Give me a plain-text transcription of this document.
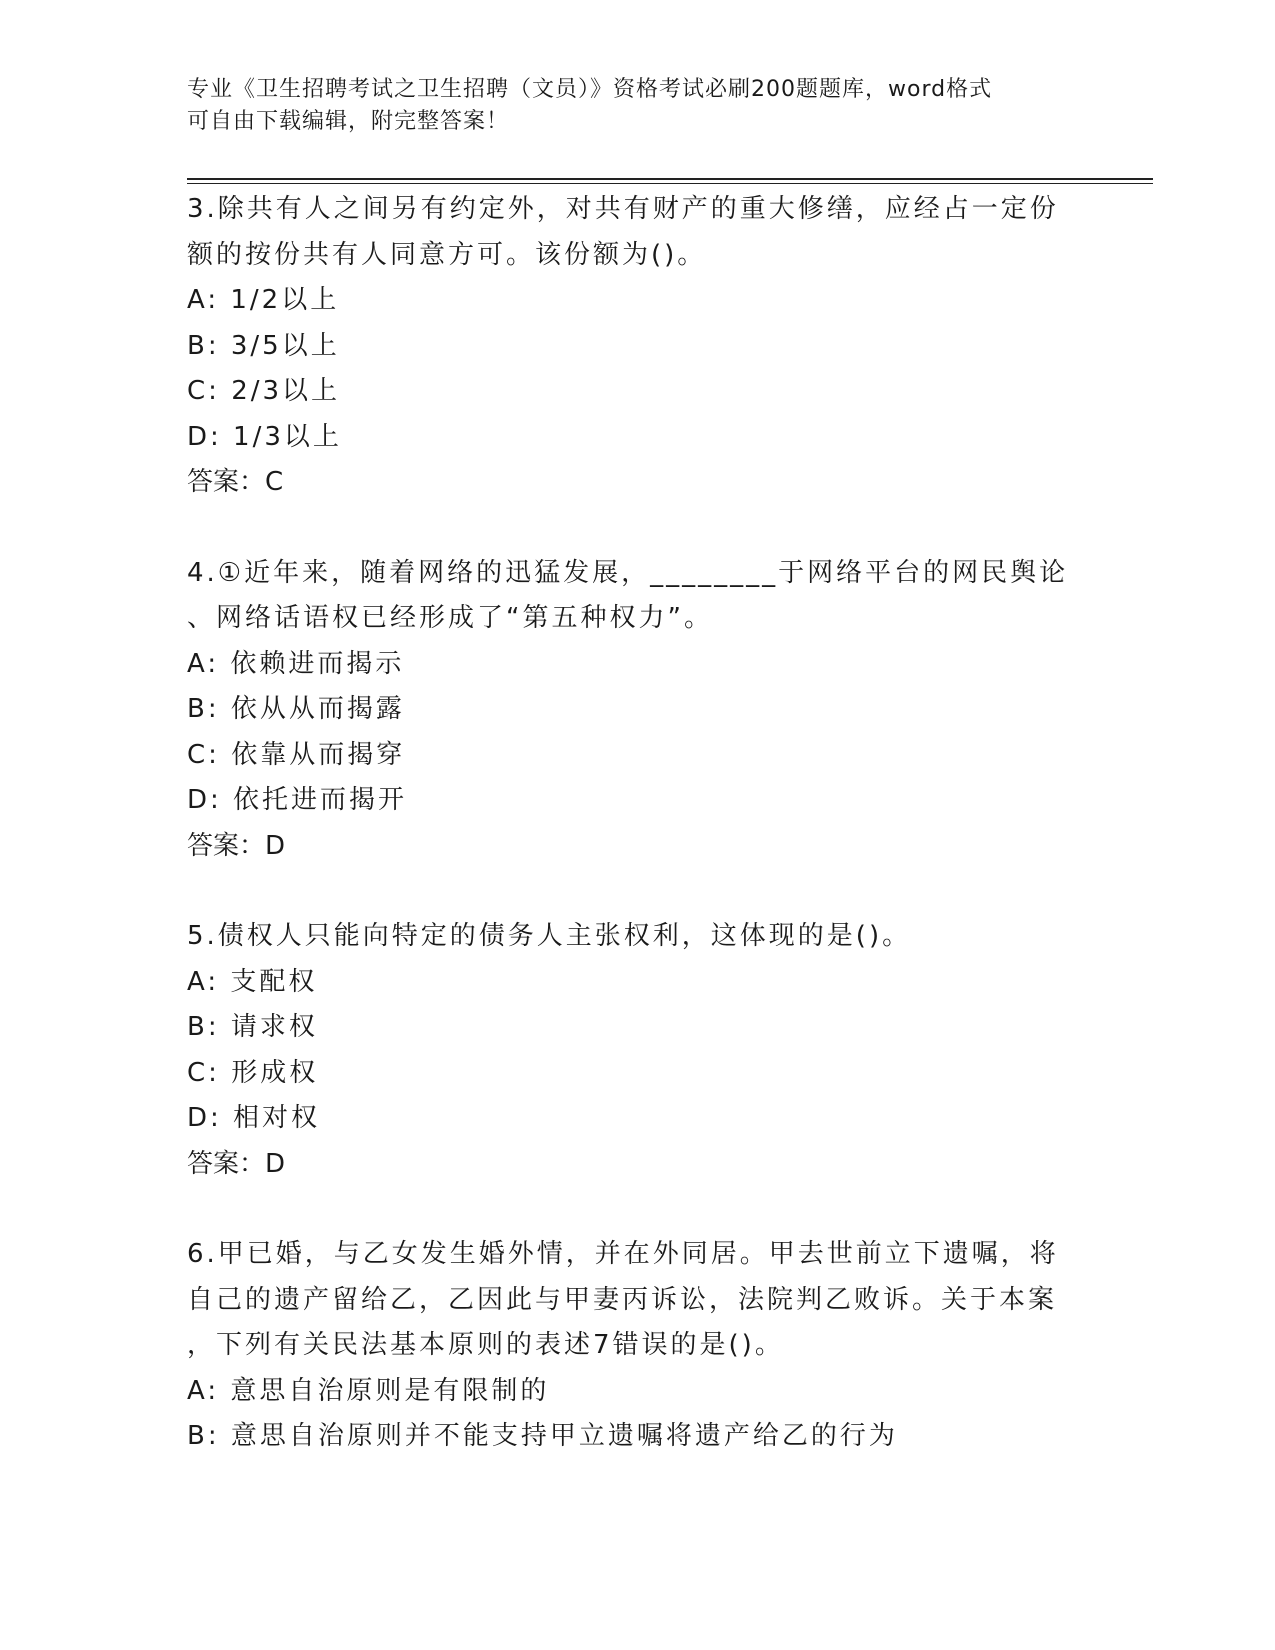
专业《卫生招聘考试之卫生招聘（文员）》资格考试必刷200题题库，word格式
可自由下载编辑，附完整答案！
3.除共有人之间另有约定外，对共有财产的重大修缮，应经占一定份
额的按份共有人同意方可。该份额为()。
A: 1/2以上
B: 3/5以上
C: 2/3以上
D: 1/3以上
答案：C
4.①近年来，随着网络的迅猛发展，________于网络平台的网民舆论
、网络话语权已经形成了“第五种权力”。
A: 依赖进而揭示
B: 依从从而揭露
C: 依靠从而揭穿
D: 依托进而揭开
答案：D
5.债权人只能向特定的债务人主张权利，这体现的是()。
A: 支配权
B: 请求权
C: 形成权
D: 相对权
答案：D
6.甲已婚，与乙女发生婚外情，并在外同居。甲去世前立下遗嘱，将
自己的遗产留给乙，乙因此与甲妻丙诉讼，法院判乙败诉。关于本案
，下列有关民法基本原则的表述7错误的是()。
A: 意思自治原则是有限制的
B: 意思自治原则并不能支持甲立遗嘱将遗产给乙的行为
